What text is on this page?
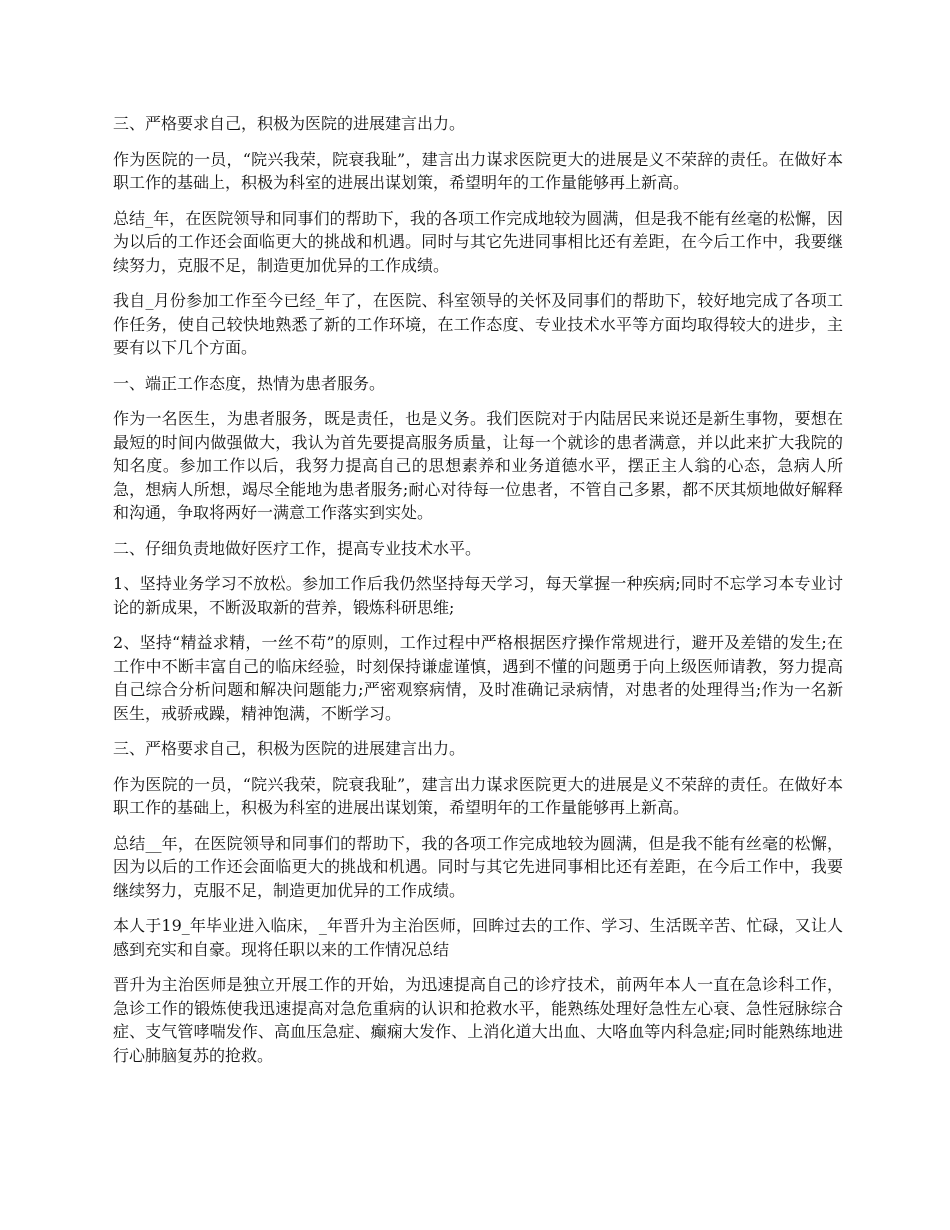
三、严格要求自己，积极为医院的进展建言出力。

作为医院的一员，“院兴我荣，院衰我耻”，建言出力谋求医院更大的进展是义不荣辞的责任。在做好本职工作的基础上，积极为科室的进展出谋划策，希望明年的工作量能够再上新高。

总结_年，在医院领导和同事们的帮助下，我的各项工作完成地较为圆满，但是我不能有丝毫的松懈，因为以后的工作还会面临更大的挑战和机遇。同时与其它先进同事相比还有差距，在今后工作中，我要继续努力，克服不足，制造更加优异的工作成绩。

我自_月份参加工作至今已经_年了，在医院、科室领导的关怀及同事们的帮助下，较好地完成了各项工作任务，使自己较快地熟悉了新的工作环境，在工作态度、专业技术水平等方面均取得较大的进步，主要有以下几个方面。

一、端正工作态度，热情为患者服务。

作为一名医生，为患者服务，既是责任，也是义务。我们医院对于内陆居民来说还是新生事物，要想在最短的时间内做强做大，我认为首先要提高服务质量，让每一个就诊的患者满意，并以此来扩大我院的知名度。参加工作以后，我努力提高自己的思想素养和业务道德水平，摆正主人翁的心态，急病人所急，想病人所想，竭尽全能地为患者服务;耐心对待每一位患者，不管自己多累，都不厌其烦地做好解释和沟通，争取将两好一满意工作落实到实处。

二、仔细负责地做好医疗工作，提高专业技术水平。

1、坚持业务学习不放松。参加工作后我仍然坚持每天学习，每天掌握一种疾病;同时不忘学习本专业讨论的新成果，不断汲取新的营养，锻炼科研思维;

2、坚持“精益求精，一丝不苟”的原则，工作过程中严格根据医疗操作常规进行，避开及差错的发生;在工作中不断丰富自己的临床经验，时刻保持谦虚谨慎，遇到不懂的问题勇于向上级医师请教，努力提高自己综合分析问题和解决问题能力;严密观察病情，及时准确记录病情，对患者的处理得当;作为一名新医生，戒骄戒躁，精神饱满，不断学习。

三、严格要求自己，积极为医院的进展建言出力。

作为医院的一员，“院兴我荣，院衰我耻”，建言出力谋求医院更大的进展是义不荣辞的责任。在做好本职工作的基础上，积极为科室的进展出谋划策，希望明年的工作量能够再上新高。

总结__年，在医院领导和同事们的帮助下，我的各项工作完成地较为圆满，但是我不能有丝毫的松懈，因为以后的工作还会面临更大的挑战和机遇。同时与其它先进同事相比还有差距，在今后工作中，我要继续努力，克服不足，制造更加优异的工作成绩。

本人于19_年毕业进入临床，_年晋升为主治医师，回眸过去的工作、学习、生活既辛苦、忙碌，又让人感到充实和自豪。现将任职以来的工作情况总结

晋升为主治医师是独立开展工作的开始，为迅速提高自己的诊疗技术，前两年本人一直在急诊科工作，急诊工作的锻炼使我迅速提高对急危重病的认识和抢救水平，能熟练处理好急性左心衰、急性冠脉综合症、支气管哮喘发作、高血压急症、癫痫大发作、上消化道大出血、大咯血等内科急症;同时能熟练地进行心肺脑复苏的抢救。
